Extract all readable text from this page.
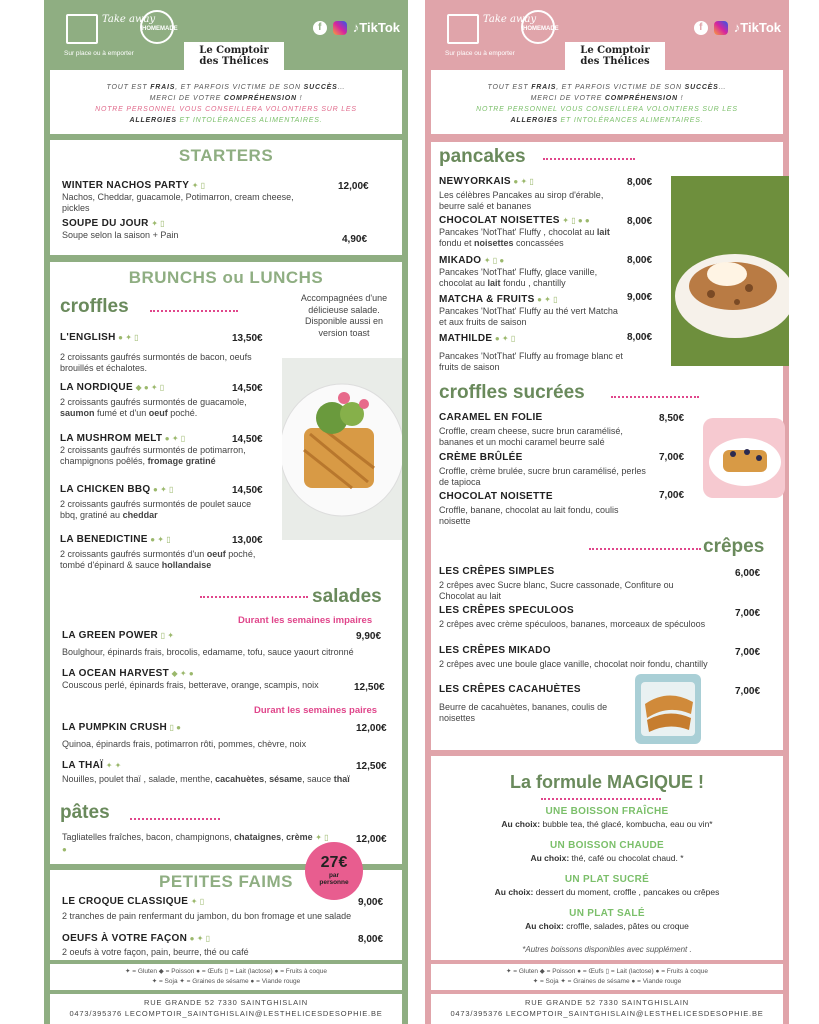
Take away
HOMEMADE
Sur place ou à emporter
f	♪TikTok
Le Comptoir
des Thélices
TOUT EST FRAIS, ET PARFOIS VICTIME DE SON SUCCÈS…
MERCI DE VOTRE COMPRÉHENSION !
NOTRE PERSONNEL VOUS CONSEILLERA VOLONTIERS SUR LES
ALLERGIES ET INTOLÉRANCES ALIMENTAIRES.
STARTERS
WINTER NACHOS PARTY ✦ ▯
Nachos, Cheddar, guacamole, Potimarron, cream cheese, pickles
12,00€
SOUPE DU JOUR ✦ ▯
Soupe selon la saison + Pain	4,90€
BRUNCHS ou LUNCHS
croffles	Accompagnées d'une délicieuse salade. Disponible aussi en version toast
L'ENGLISH ● ✦ ▯
2 croissants gaufrés surmontés de bacon, oeufs brouillés et échalotes.
13,50€
LA NORDIQUE ◆ ● ✦ ▯
2 croissants gaufrés surmontés de guacamole, saumon fumé et d'un oeuf poché.
14,50€
LA MUSHROM MELT ● ✦ ▯
2 croissants gaufrés surmontés de potimarron, champignons poêlés, fromage gratiné
14,50€
LA CHICKEN BBQ ● ✦ ▯
2 croissants gaufrés surmontés de poulet sauce bbq, gratiné au cheddar
14,50€
LA BENEDICTINE ● ✦ ▯
2 croissants gaufrés surmontés d'un oeuf poché, tombé d'épinard & sauce hollandaise
13,00€
salades
Durant les semaines impaires
LA GREEN POWER ▯ ✦
Boulghour, épinards frais, brocolis, edamame, tofu, sauce yaourt citronné
9,90€
LA OCEAN HARVEST ◆ ✦ ●
Couscous perlé, épinards frais, betterave, orange, scampis, noix	12,50€
Durant les semaines paires
LA PUMPKIN CRUSH ▯ ●
Quinoa, épinards frais, potimarron rôti, pommes, chèvre, noix
12,00€
LA THAÏ ✦ ✦
Nouilles, poulet thaï , salade, menthe, cacahuètes, sésame, sauce thaï
12,50€
pâtes
Tagliatelles fraîches, bacon, champignons, chataignes, crème ✦ ▯ ●
12,00€
PETITES FAIMS
LE CROQUE CLASSIQUE ✦ ▯
2 tranches de pain renfermant du jambon, du bon fromage et une salade
9,00€
OEUFS À VOTRE FAÇON ● ✦ ▯
2 oeufs à votre façon, pain, beurre, thé ou café
8,00€
✦ = Gluten ◆ = Poisson ● = Œufs ▯ = Lait (lactose) ● = Fruits à coque
✦ = Soja ✦ = Graines de sésame ● = Viande rouge
RUE GRANDE 52 7330 SAINTGHISLAIN
0473/395376 LECOMPTOIR_SAINTGHISLAIN@LESTHELICESDESOPHIE.BE
Take away
HOMEMADE
Sur place ou à emporter
f	♪TikTok
Le Comptoir
des Thélices
TOUT EST FRAIS, ET PARFOIS VICTIME DE SON SUCCÈS…
MERCI DE VOTRE COMPRÉHENSION !
NOTRE PERSONNEL VOUS CONSEILLERA VOLONTIERS SUR LES
ALLERGIES ET INTOLÉRANCES ALIMENTAIRES.
pancakes
NEWYORKAIS ● ✦ ▯
Les célèbres Pancakes au sirop d'érable, beurre salé et bananes
8,00€
CHOCOLAT NOISETTES ✦ ▯ ● ●
Pancakes 'NotThat' Fluffy , chocolat au lait fondu et noisettes concassées
8,00€
MIKADO ✦ ▯ ●
Pancakes 'NotThat' Fluffy, glace vanille, chocolat au lait fondu , chantilly
8,00€
MATCHA & FRUITS ● ✦ ▯
Pancakes 'NotThat' Fluffy au thé vert Matcha et aux fruits de saison
9,00€
MATHILDE ● ✦ ▯
Pancakes 'NotThat' Fluffy au fromage blanc et fruits de saison
8,00€
croffles sucrées
CARAMEL EN FOLIE
Croffle, cream cheese, sucre brun caramélisé, bananes et un mochi caramel beurre salé
8,50€
CRÈME BRÛLÉE
Croffle, crème brulée, sucre brun caramélisé, perles de tapioca
7,00€
CHOCOLAT NOISETTE
Croffle, banane, chocolat au lait fondu, coulis noisette
7,00€
crêpes
LES CRÊPES SIMPLES
2 crêpes avec Sucre blanc, Sucre cassonade, Confiture ou Chocolat au lait
6,00€
LES CRÊPES SPECULOOS
2 crêpes avec crème spéculoos, bananes, morceaux de spéculoos
7,00€
LES CRÊPES MIKADO
2 crêpes avec une boule glace vanille, chocolat noir fondu, chantilly
7,00€
LES CRÊPES CACAHUÈTES
Beurre de cacahuètes, bananes, coulis de noisettes
7,00€
La formule MAGIQUE !
UNE BOISSON FRAÎCHE
Au choix: bubble tea, thé glacé, kombucha, eau ou vin*
UN BOISSON CHAUDE
Au choix: thé, café ou chocolat chaud. *
UN PLAT SUCRÉ
Au choix: dessert du moment, croffle , pancakes ou crêpes
UN PLAT SALÉ
Au choix: croffle, salades, pâtes ou croque
*Autres boissons disponibles avec supplément .
✦ = Gluten ◆ = Poisson ● = Œufs ▯ = Lait (lactose) ● = Fruits à coque
✦ = Soja ✦ = Graines de sésame ● = Viande rouge
RUE GRANDE 52 7330 SAINTGHISLAIN
0473/395376 LECOMPTOIR_SAINTGHISLAIN@LESTHELICESDESOPHIE.BE
27€
par personne
